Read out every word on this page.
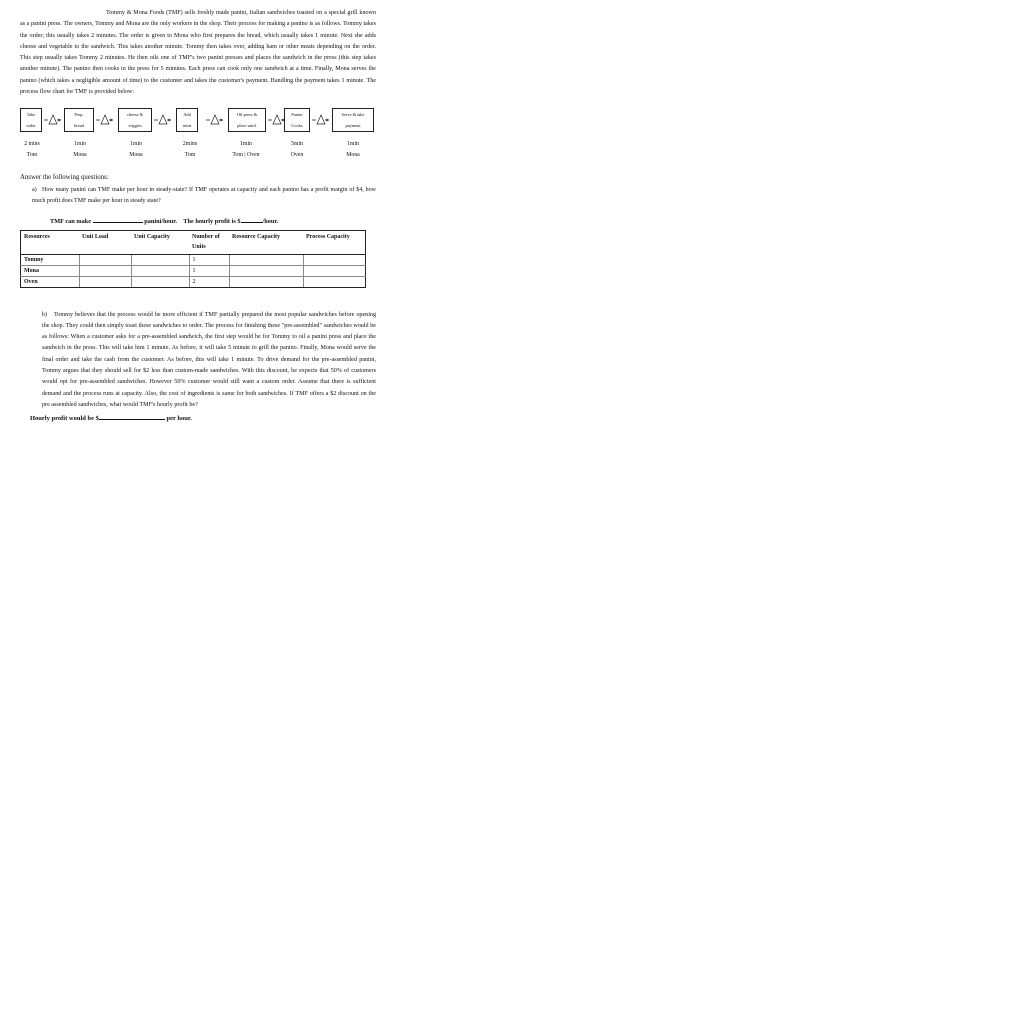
Tommy & Mona Foods (TMF) sells freshly made panini, Italian sandwiches toasted on a special grill known as a panini press. The owners, Tommy and Mona are the only workers in the shop. Their process for making a panino is as follows. Tommy takes the order; this usually takes 2 minutes. The order is given to Mona who first prepares the bread, which usually takes 1 minute. Next she adds cheese and vegetable to the sandwich. This takes another minute. Tommy then takes over, adding ham or other meats depending on the order. This step usually takes Tommy 2 minutes. He then oils one of TMF's two panini presses and places the sandwich in the press (this step takes another minute). The panino then cooks in the press for 5 minutes. Each press can cook only one sandwich at a time. Finally, Mona serves the panino (which takes a negligible amount of time) to the customer and takes the customer's payment. Handling the payment takes 1 minute. The process flow chart for TMF is provided below:

Take
order
Prep.
bread
cheese &
veggies
Add
meat
Oil press &
place sand.
Panini
Cooks
Serve & take
payment
2 mins
Tom
1min
Mona
1min
Mona
2mins
Tom
1min
Tom | Oven
5min
Oven
1min
Mona

Answer the following questions:

a) How many panini can TMF make per hour in steady-state? If TMF operates at capacity and each panino has a profit margin of $4, how much profit does TMF make per hour in steady state?

TMF can make	panini/hour. The hourly profit is $	/hour.
Resources	Unit Load	Unit Capacity	Number of Units	Resource Capacity	Process Capacity
Tommy			1		
Mona			1		
Oven			2		

b) Tommy believes that the process would be more efficient if TMF partially prepared the most popular sandwiches before opening the shop. They could then simply toast these sandwiches to order. The process for finishing these "pre-assembled" sandwiches would be as follows: When a customer asks for a pre-assembled sandwich, the first step would be for Tommy to oil a panini press and place the sandwich in the press. This will take him 1 minute. As before, it will take 5 minute to grill the panino. Finally, Mona would serve the final order and take the cash from the customer. As before, this will take 1 minute. To drive demand for the pre-assembled panini, Tommy argues that they should sell for $2 less than custom-made sandwiches. With this discount, he expects that 50% of customers would opt for pre-assembled sandwiches. However 50% customer would still want a custom order. Assume that there is sufficient demand and the process runs at capacity. Also, the cost of ingredients is same for both sandwiches. If TMF offers a $2 discount on the pre assembled sandwiches, what would TMF's hourly profit be?

Hourly profit would be $	per hour.
